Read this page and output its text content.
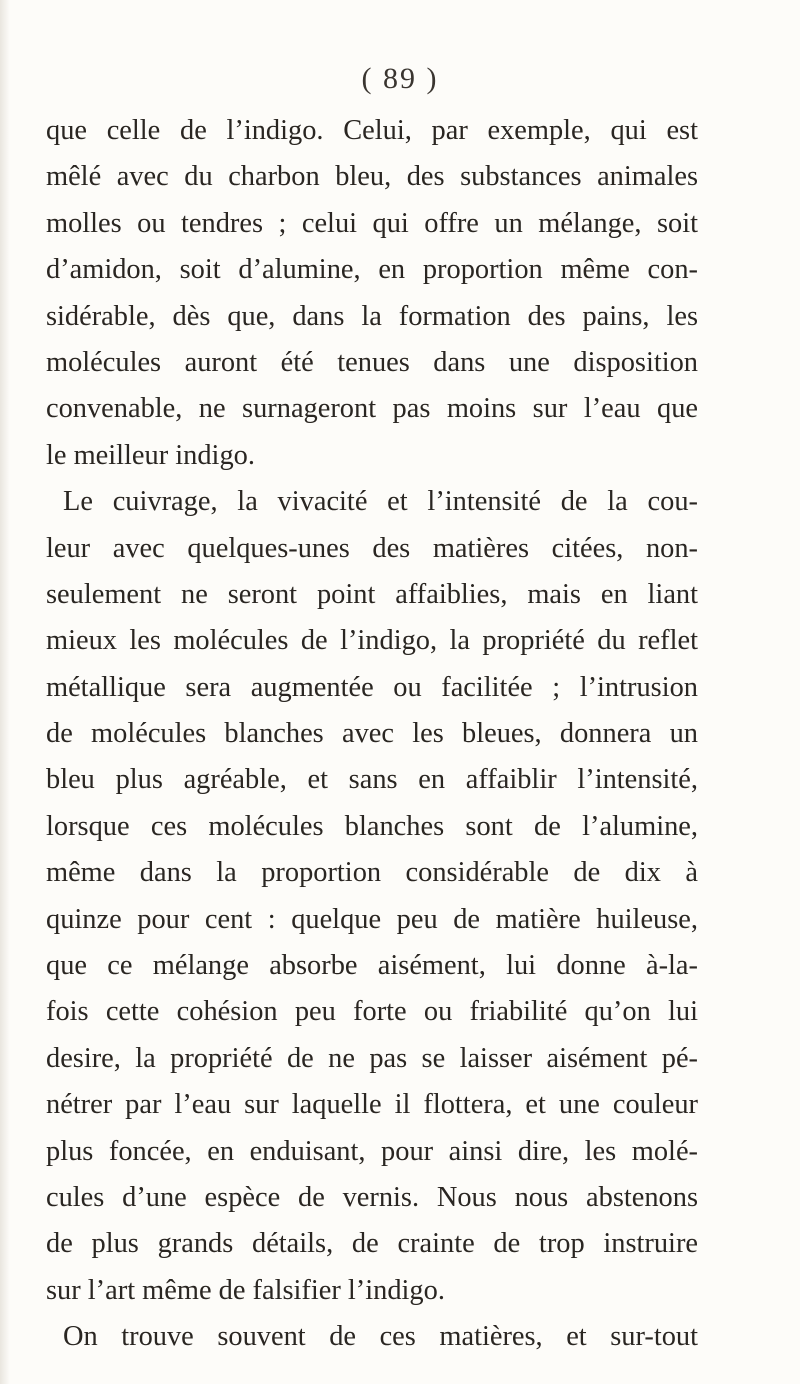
( 89 )
que celle de l’indigo. Celui, par exemple, qui est
mêlé avec du charbon bleu, des substances animales
molles ou tendres ; celui qui offre un mélange, soit
d’amidon, soit d’alumine, en proportion même con-
sidérable, dès que, dans la formation des pains, les
molécules auront été tenues dans une disposition
convenable, ne surnageront pas moins sur l’eau que
le meilleur indigo.
Le cuivrage, la vivacité et l’intensité de la cou-
leur avec quelques-unes des matières citées, non-
seulement ne seront point affaiblies, mais en liant
mieux les molécules de l’indigo, la propriété du reflet
métallique sera augmentée ou facilitée ; l’intrusion
de molécules blanches avec les bleues, donnera un
bleu plus agréable, et sans en affaiblir l’intensité,
lorsque ces molécules blanches sont de l’alumine,
même dans la proportion considérable de dix à
quinze pour cent : quelque peu de matière huileuse,
que ce mélange absorbe aisément, lui donne à-la-
fois cette cohésion peu forte ou friabilité qu’on lui
desire, la propriété de ne pas se laisser aisément pé-
nétrer par l’eau sur laquelle il flottera, et une couleur
plus foncée, en enduisant, pour ainsi dire, les molé-
cules d’une espèce de vernis. Nous nous abstenons
de plus grands détails, de crainte de trop instruire
sur l’art même de falsifier l’indigo.
On trouve souvent de ces matières, et sur-tout
